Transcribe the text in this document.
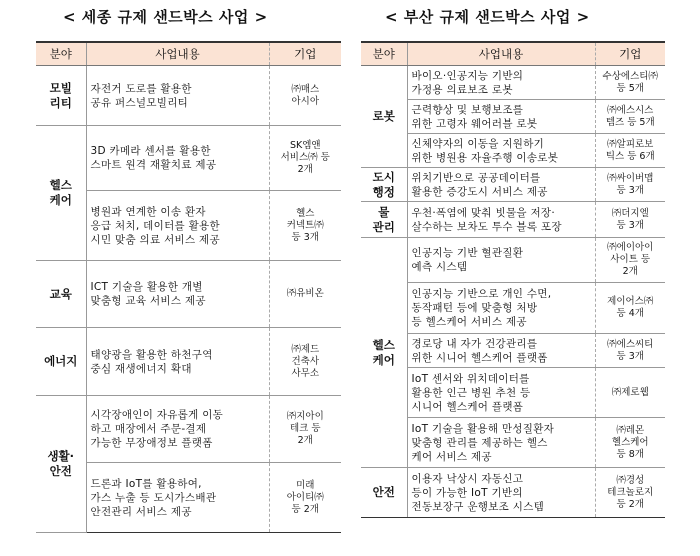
< 세종 규제 샌드박스 사업 >	< 부산 규제 샌드박스 사업 >
분야	사업내용	기업
모빌
리티	자전거 도로를 활용한
공유 퍼스널모빌리티	㈜매스
아시아
헬스
케어	3D 카메라 센서를 활용한
스마트 원격 재활치료 제공	SK엠앤
서비스㈜ 등
2개
	병원과 연계한 이송 환자
응급 처치, 데이터를 활용한
시민 맞춤 의료 서비스 제공	헬스
커넥트㈜
등 3개
교육	ICT 기술을 활용한 개별
맞춤형 교육 서비스 제공	㈜유비온
에너지	태양광을 활용한 하천구역
중심 재생에너지 확대	㈜제드
건축사
사무소
생활·
안전	시각장애인이 자유롭게 이동
하고 매장에서 주문-결제
가능한 무장애정보 플랫폼	㈜지아이
테크 등
2개
	드론과 IoT를 활용하여,
가스 누출 등 도시가스배관
안전관리 서비스 제공	미래
아이티㈜
등 2개
분야	사업내용	기업
로봇	바이오·인공지능 기반의
가정용 의료보조 로봇	수상에스티㈜
등 5개
	근력향상 및 보행보조를
위한 고령자 웨어러블 로봇	㈜에스시스
템즈 등 5개
	신체약자의 이동을 지원하기
위한 병원용 자율주행 이송로봇	㈜알피로보
틱스 등 6개
도시
행정	위치기반으로 공공데이터를
활용한 증강도시 서비스 제공	㈜싸이버맵
등 3개
물
관리	우천·폭염에 맞춰 빗물을 저장·
살수하는 보차도 투수 블록 포장	㈜더지엘
등 3개
헬스
케어	인공지능 기반 혈관질환
예측 시스템	㈜에이아이
사이트 등
2개
	인공지능 기반으로 개인 수면,
동작패턴 등에 맞춤형 처방
등 헬스케어 서비스 제공	제이어스㈜
등 4개
	경로당 내 자가 건강관리를
위한 시니어 헬스케어 플랫폼	㈜에스씨티
등 3개
	IoT 센서와 위치데이터를
활용한 인근 병원 추천 등
시니어 헬스케어 플랫폼	㈜제로웹
	IoT 기술을 활용해 만성질환자
맞춤형 관리를 제공하는 헬스
케어 서비스 제공	㈜레몬
헬스케어
등 8개
안전	이용자 낙상시 자동신고
등이 가능한 IoT 기반의
전동보장구 운행보조 시스템	㈜경성
테크놀로지
등 2개
